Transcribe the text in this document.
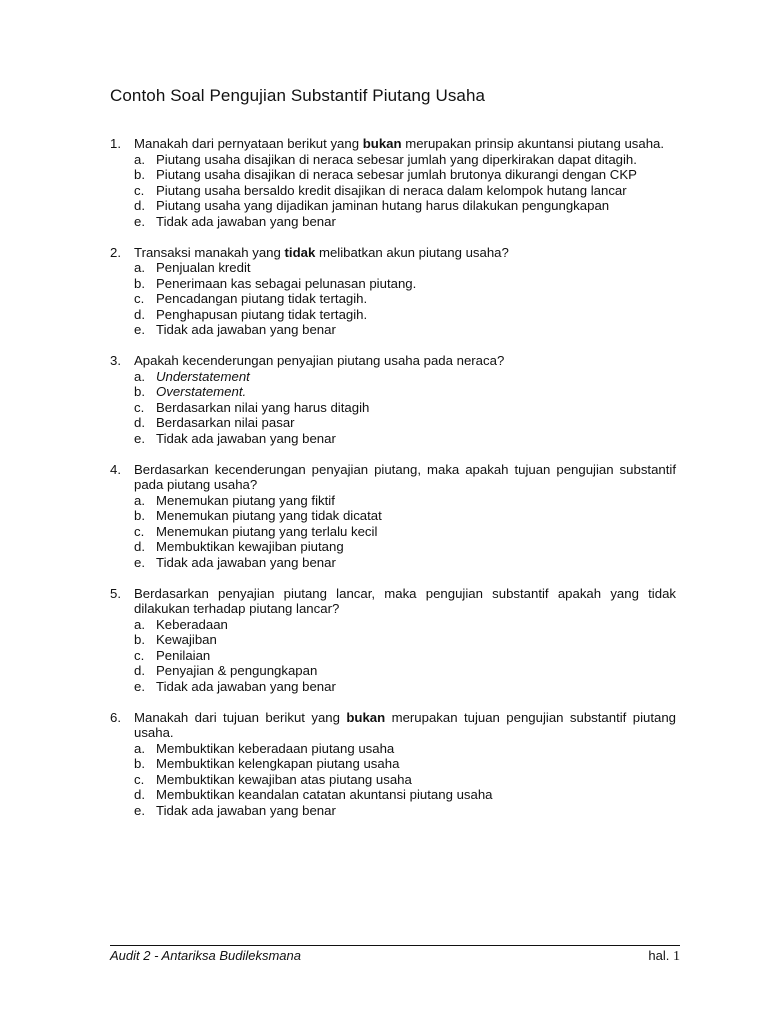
Contoh Soal Pengujian Substantif Piutang Usaha
1. Manakah dari pernyataan berikut yang bukan merupakan prinsip akuntansi piutang usaha.
a. Piutang usaha disajikan di neraca sebesar jumlah yang diperkirakan dapat ditagih.
b. Piutang usaha disajikan di neraca sebesar jumlah brutonya dikurangi dengan CKP
c. Piutang usaha bersaldo kredit disajikan di neraca dalam kelompok hutang lancar
d. Piutang usaha yang dijadikan jaminan hutang harus dilakukan pengungkapan
e. Tidak ada jawaban yang benar
2. Transaksi manakah yang tidak melibatkan akun piutang usaha?
a. Penjualan kredit
b. Penerimaan kas sebagai pelunasan piutang.
c. Pencadangan piutang tidak tertagih.
d. Penghapusan piutang tidak tertagih.
e. Tidak ada jawaban yang benar
3. Apakah kecenderungan penyajian piutang usaha pada neraca?
a. Understatement
b. Overstatement.
c. Berdasarkan nilai yang harus ditagih
d. Berdasarkan nilai pasar
e. Tidak ada jawaban yang benar
4. Berdasarkan kecenderungan penyajian piutang, maka apakah tujuan pengujian substantif pada piutang usaha?
a. Menemukan piutang yang fiktif
b. Menemukan piutang yang tidak dicatat
c. Menemukan piutang yang terlalu kecil
d. Membuktikan kewajiban piutang
e. Tidak ada jawaban yang benar
5. Berdasarkan penyajian piutang lancar, maka pengujian substantif apakah yang tidak dilakukan terhadap piutang lancar?
a. Keberadaan
b. Kewajiban
c. Penilaian
d. Penyajian & pengungkapan
e. Tidak ada jawaban yang benar
6. Manakah dari tujuan berikut yang bukan merupakan tujuan pengujian substantif piutang usaha.
a. Membuktikan keberadaan piutang usaha
b. Membuktikan kelengkapan piutang usaha
c. Membuktikan kewajiban atas piutang usaha
d. Membuktikan keandalan catatan akuntansi piutang usaha
e. Tidak ada jawaban yang benar
Audit 2 - Antariksa Budileksmana	hal. 1
